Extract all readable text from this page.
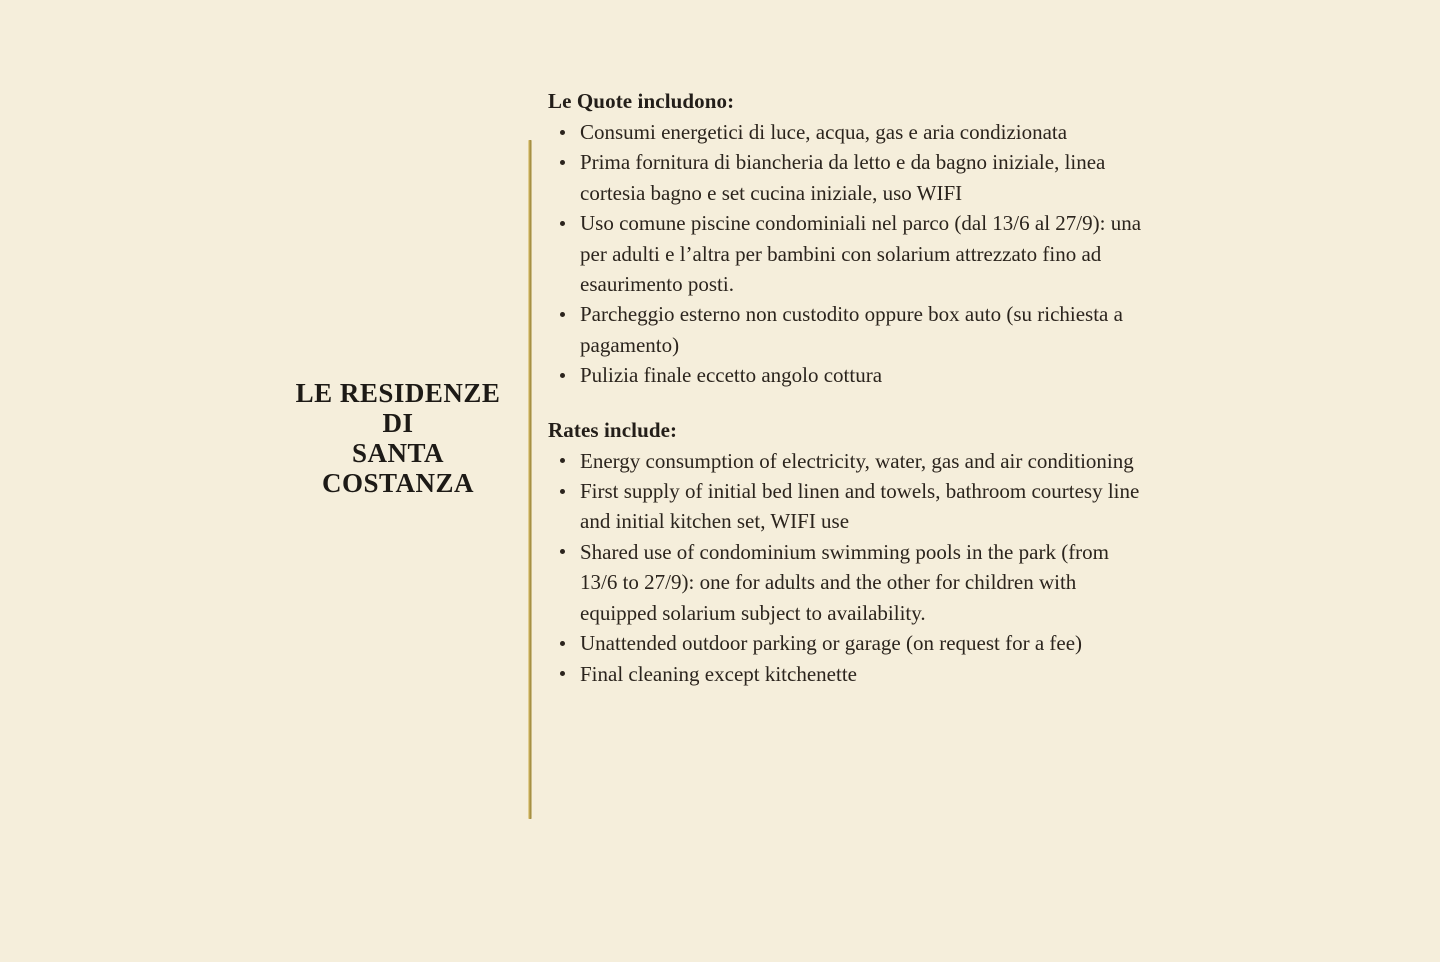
LE RESIDENZE
DI
SANTA
COSTANZA
Le Quote includono:
Consumi energetici di luce, acqua, gas e aria condizionata
Prima fornitura di biancheria da letto e da bagno iniziale, linea cortesia bagno e set cucina iniziale, uso WIFI
Uso comune piscine condominiali nel parco (dal 13/6 al 27/9): una per adulti e l’altra per bambini con solarium attrezzato fino ad esaurimento posti.
Parcheggio esterno non custodito oppure box auto (su richiesta a pagamento)
Pulizia finale eccetto angolo cottura
Rates include:
Energy consumption of electricity, water, gas and air conditioning
First supply of initial bed linen and towels, bathroom courtesy line and initial kitchen set, WIFI use
Shared use of condominium swimming pools in the park (from 13/6 to 27/9): one for adults and the other for children with equipped solarium subject to availability.
Unattended outdoor parking or garage (on request for a fee)
Final cleaning except kitchenette
